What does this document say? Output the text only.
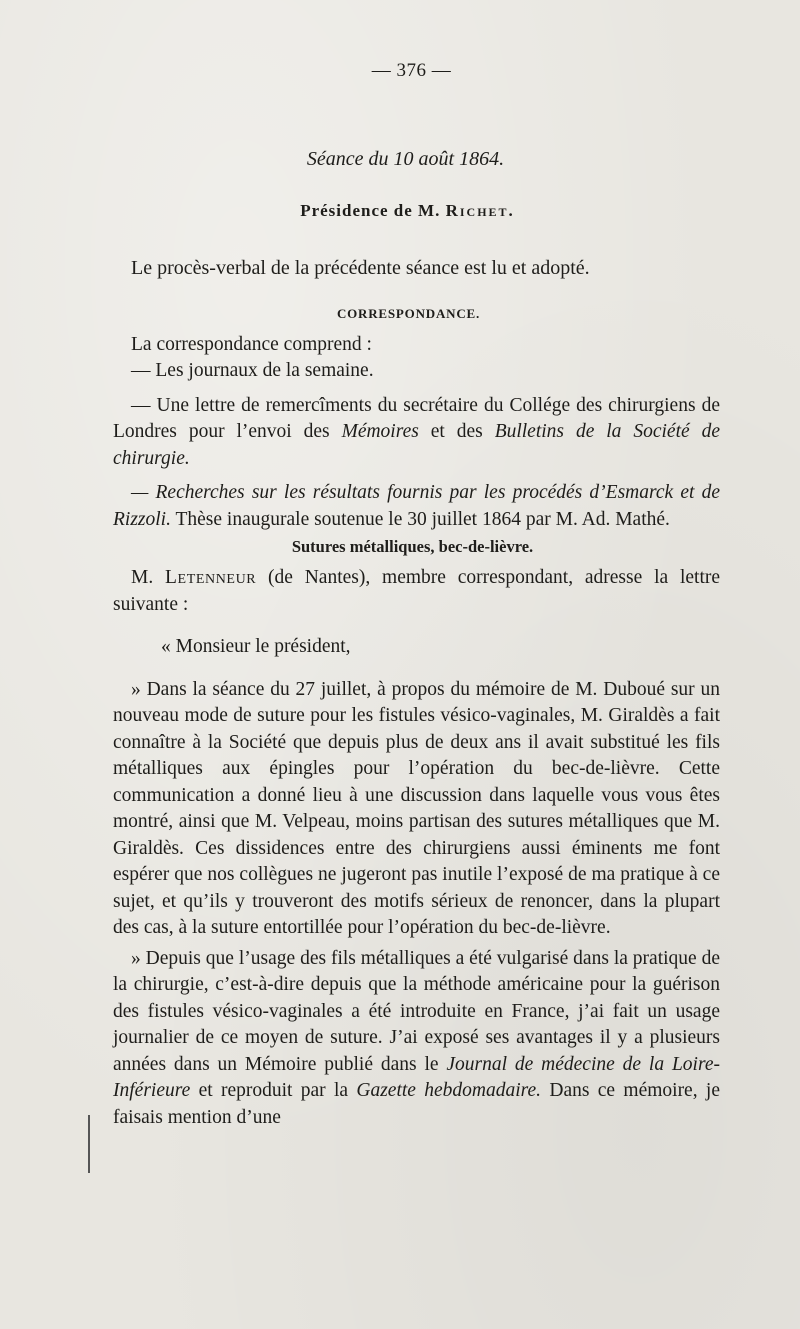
— 376 —
Séance du 10 août 1864.
Présidence de M. Richet.

Le procès-verbal de la précédente séance est lu et adopté.

CORRESPONDANCE.

La correspondance comprend :

— Les journaux de la semaine.

— Une lettre de remercîments du secrétaire du Collége des chirurgiens de Londres pour l’envoi des Mémoires et des Bulletins de la Société de chirurgie.

— Recherches sur les résultats fournis par les procédés d’Esmarck et de Rizzoli. Thèse inaugurale soutenue le 30 juillet 1864 par M. Ad. Mathé.

Sutures métalliques, bec-de-lièvre.

M. Letenneur (de Nantes), membre correspondant, adresse la lettre suivante :

« Monsieur le président,

» Dans la séance du 27 juillet, à propos du mémoire de M. Duboué sur un nouveau mode de suture pour les fistules vésico-vaginales, M. Giraldès a fait connaître à la Société que depuis plus de deux ans il avait substitué les fils métalliques aux épingles pour l’opération du bec-de-lièvre. Cette communication a donné lieu à une discussion dans laquelle vous vous êtes montré, ainsi que M. Velpeau, moins partisan des sutures métalliques que M. Giraldès. Ces dissidences entre des chirurgiens aussi éminents me font espérer que nos collègues ne jugeront pas inutile l’exposé de ma pratique à ce sujet, et qu’ils y trouveront des motifs sérieux de renoncer, dans la plupart des cas, à la suture entortillée pour l’opération du bec-de-lièvre.

» Depuis que l’usage des fils métalliques a été vulgarisé dans la pratique de la chirurgie, c’est-à-dire depuis que la méthode américaine pour la guérison des fistules vésico-vaginales a été introduite en France, j’ai fait un usage journalier de ce moyen de suture. J’ai exposé ses avantages il y a plusieurs années dans un Mémoire publié dans le Journal de médecine de la Loire-Inférieure et reproduit par la Gazette hebdomadaire. Dans ce mémoire, je faisais mention d’une
